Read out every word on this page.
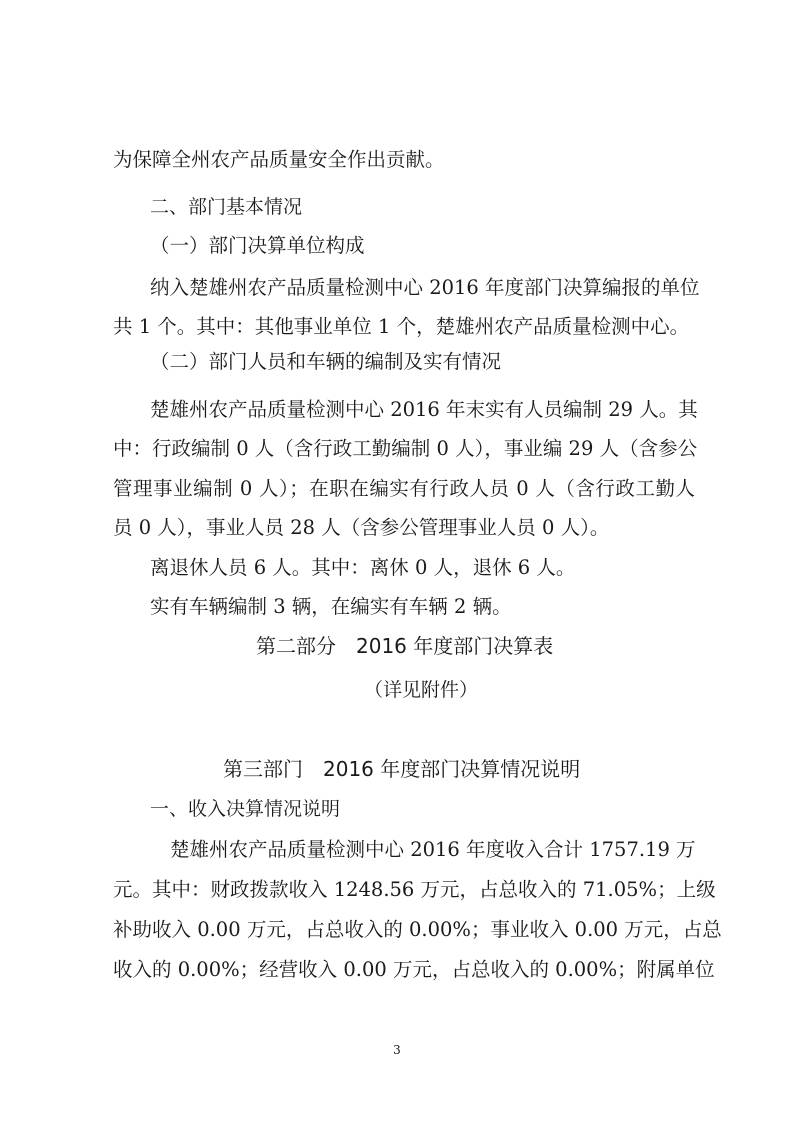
为保障全州农产品质量安全作出贡献。
二、部门基本情况
（一）部门决算单位构成
纳入楚雄州农产品质量检测中心 2016 年度部门决算编报的单位
共 1 个。其中：其他事业单位 1 个，楚雄州农产品质量检测中心。
（二）部门人员和车辆的编制及实有情况
楚雄州农产品质量检测中心 2016 年末实有人员编制 29 人。其
中：行政编制 0 人（含行政工勤编制 0 人），事业编 29 人（含参公
管理事业编制 0 人）；在职在编实有行政人员 0 人（含行政工勤人
员 0 人），事业人员 28 人（含参公管理事业人员 0 人）。
离退休人员 6 人。其中：离休 0 人，退休 6 人。
实有车辆编制 3 辆，在编实有车辆 2 辆。
第二部分　2016 年度部门决算表
（详见附件）
第三部门　2016 年度部门决算情况说明
一、收入决算情况说明
楚雄州农产品质量检测中心 2016 年度收入合计 1757.19 万
元。其中：财政拨款收入 1248.56 万元，占总收入的 71.05%；上级
补助收入 0.00 万元，占总收入的 0.00%；事业收入 0.00 万元，占总
收入的 0.00%；经营收入 0.00 万元，占总收入的 0.00%；附属单位
3
